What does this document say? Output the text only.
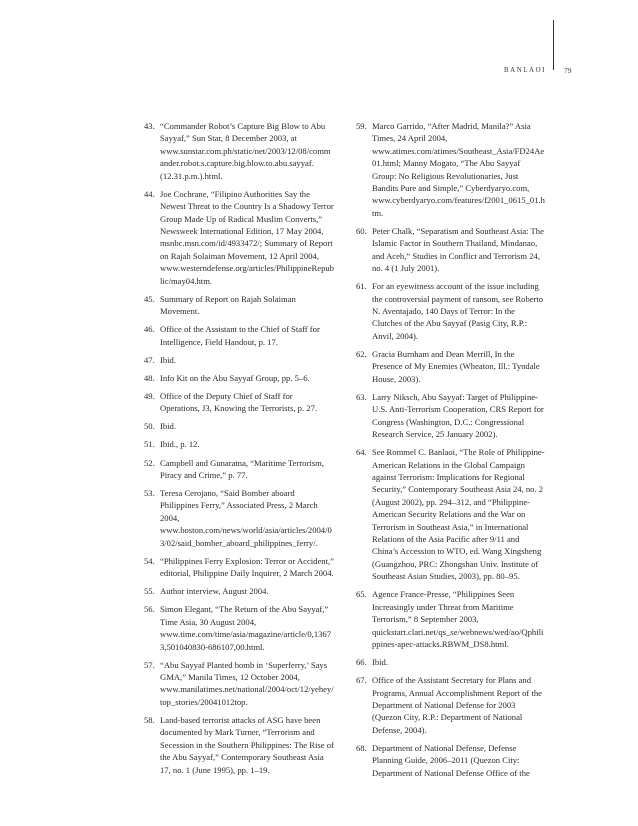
BANLAOI 79
43. “Commander Robot’s Capture Big Blow to Abu Sayyaf,” Sun Star, 8 December 2003, at www.sunstar.com.ph/static/net/2003/12/08/commander.robot.s.capture.big.blow.to.abu.sayyaf.(12.31.p.m.).html.
44. Joe Cochrane, “Filipino Authorities Say the Newest Threat to the Country Is a Shadowy Terror Group Made Up of Radical Muslim Converts,” Newsweek International Edition, 17 May 2004, msnbc.msn.com/id/4933472/; Summary of Report on Rajah Solaiman Movement, 12 April 2004, www.westerndefense.org/articles/PhilippineRepublic/may04.htm.
45. Summary of Report on Rajah Solaiman Movement.
46. Office of the Assistant to the Chief of Staff for Intelligence, Field Handout, p. 17.
47. Ibid.
48. Info Kit on the Abu Sayyaf Group, pp. 5–6.
49. Office of the Deputy Chief of Staff for Operations, J3, Knowing the Terrorists, p. 27.
50. Ibid.
51. Ibid., p. 12.
52. Campbell and Gunaratna, “Maritime Terrorism, Piracy and Crime,” p. 77.
53. Teresa Cerojano, “Said Bomber aboard Philippines Ferry,” Associated Press, 2 March 2004, www.boston.com/news/world/asia/articles/2004/03/02/said_bomber_aboard_philippines_ferry/.
54. “Philippines Ferry Explosion: Terror or Accident,” editorial, Philippine Daily Inquirer, 2 March 2004.
55. Author interview, August 2004.
56. Simon Elegant, “The Return of the Abu Sayyaf,” Time Asia, 30 August 2004, www.time.com/time/asia/magazine/article/0,13673,501040830-686107,00.html.
57. “Abu Sayyaf Planted bomb in ‘Superferry,’ Says GMA,” Manila Times, 12 October 2004, www.manilatimes.net/national/2004/oct/12/yehey/top_stories/20041012top.
58. Land-based terrorist attacks of ASG have been documented by Mark Turner, “Terrorism and Secession in the Southern Philippines: The Rise of the Abu Sayyaf,” Contemporary Southeast Asia 17, no. 1 (June 1995), pp. 1–19.
59. Marco Garrido, “After Madrid, Manila?” Asia Times, 24 April 2004, www.atimes.com/atimes/Southeast_Asia/FD24Ae01.html; Manny Mogato, “The Abu Sayyaf Group: No Religious Revolutionaries, Just Bandits Pure and Simple,” Cyberdyaryo.com, www.cyberdyaryo.com/features/f2001_0615_01.htm.
60. Peter Chalk, “Separatism and Southeast Asia: The Islamic Factor in Southern Thailand, Mindanao, and Aceh,” Studies in Conflict and Terrorism 24, no. 4 (1 July 2001).
61. For an eyewitness account of the issue including the controversial payment of ransom, see Roberto N. Aventajado, 140 Days of Terror: In the Clutches of the Abu Sayyaf (Pasig City, R.P.: Anvil, 2004).
62. Gracia Burnham and Dean Merrill, In the Presence of My Enemies (Wheaton, Ill.: Tyndale House, 2003).
63. Larry Niksch, Abu Sayyaf: Target of Philippine-U.S. Anti-Terrorism Cooperation, CRS Report for Congress (Washington, D.C.: Congressional Research Service, 25 January 2002).
64. See Rommel C. Banlaoi, “The Role of Philippine-American Relations in the Global Campaign against Terrorism: Implications for Regional Security,” Contemporary Southeast Asia 24, no. 2 (August 2002), pp. 294–312, and “Philippine-American Security Relations and the War on Terrorism in Southeast Asia,” in International Relations of the Asia Pacific after 9/11 and China’s Accession to WTO, ed. Wang Xingsheng (Guangzhou, PRC: Zhongshan Univ. Institute of Southeast Asian Studies, 2003), pp. 80–95.
65. Agence France-Presse, “Philippines Seen Increasingly under Threat from Maritime Terrorism,” 8 September 2003, quickstart.clari.net/qs_se/webnews/wed/ao/Qphilippines-apec-attacks.RBWM_DS8.html.
66. Ibid.
67. Office of the Assistant Secretary for Plans and Programs, Annual Accomplishment Report of the Department of National Defense for 2003 (Quezon City, R.P.: Department of National Defense, 2004).
68. Department of National Defense, Defense Planning Guide, 2006–2011 (Quezon City: Department of National Defense Office of the
